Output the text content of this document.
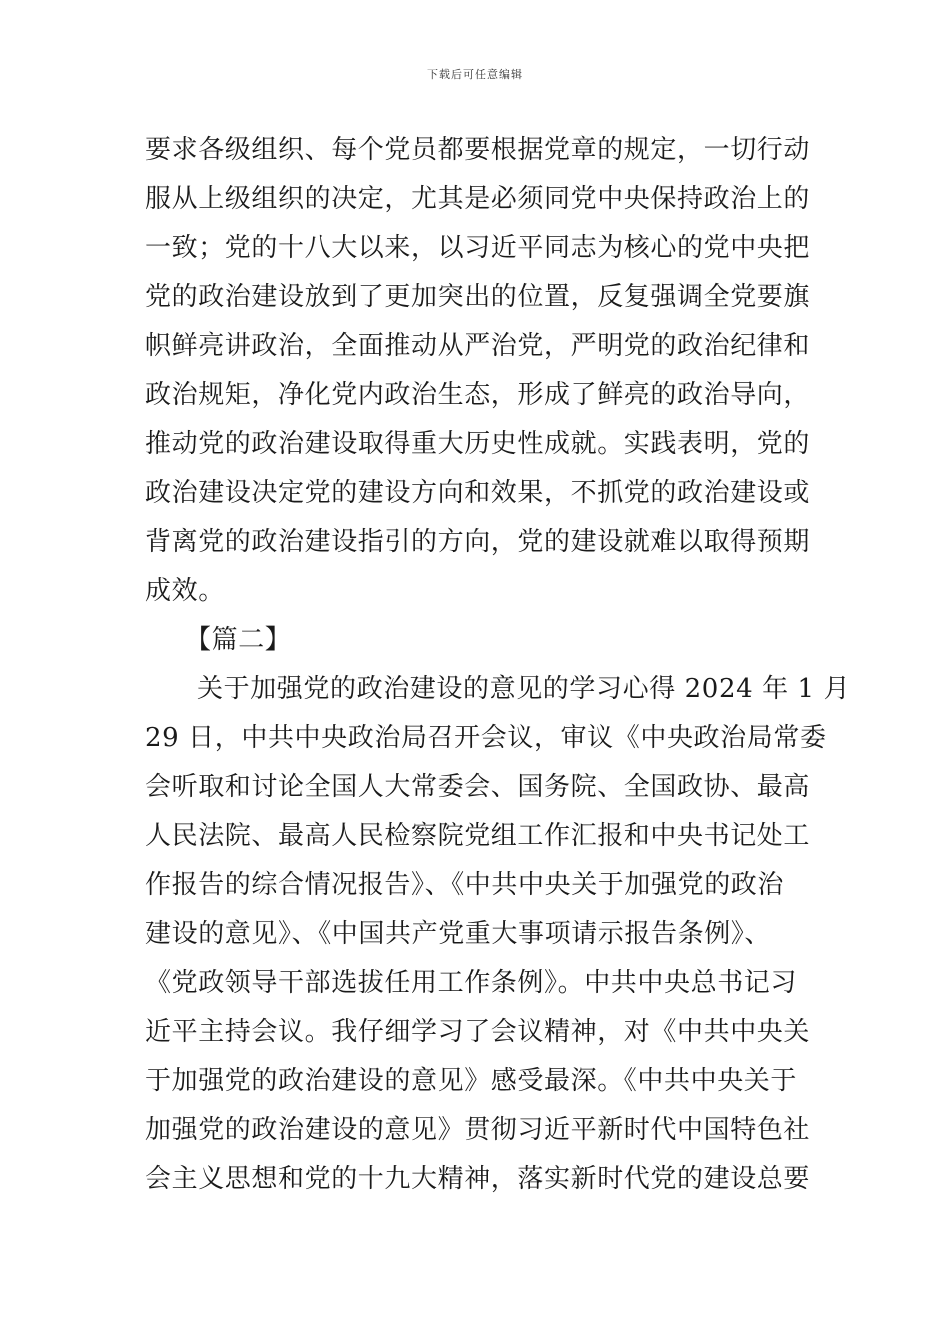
下载后可任意编辑
要求各级组织、每个党员都要根据党章的规定，一切行动
服从上级组织的决定，尤其是必须同党中央保持政治上的
一致；党的十八大以来，以习近平同志为核心的党中央把
党的政治建设放到了更加突出的位置，反复强调全党要旗
帜鲜亮讲政治，全面推动从严治党，严明党的政治纪律和
政治规矩，净化党内政治生态，形成了鲜亮的政治导向，
推动党的政治建设取得重大历史性成就。实践表明，党的
政治建设决定党的建设方向和效果，不抓党的政治建设或
背离党的政治建设指引的方向，党的建设就难以取得预期
成效。
【篇二】
关于加强党的政治建设的意见的学习心得 2024 年 1 月
29 日，中共中央政治局召开会议，审议《中央政治局常委
会听取和讨论全国人大常委会、国务院、全国政协、最高
人民法院、最高人民检察院党组工作汇报和中央书记处工
作报告的综合情况报告》、《中共中央关于加强党的政治
建设的意见》、《中国共产党重大事项请示报告条例》、
《党政领导干部选拔任用工作条例》。中共中央总书记习
近平主持会议。我仔细学习了会议精神，对《中共中央关
于加强党的政治建设的意见》感受最深。《中共中央关于
加强党的政治建设的意见》贯彻习近平新时代中国特色社
会主义思想和党的十九大精神，落实新时代党的建设总要
